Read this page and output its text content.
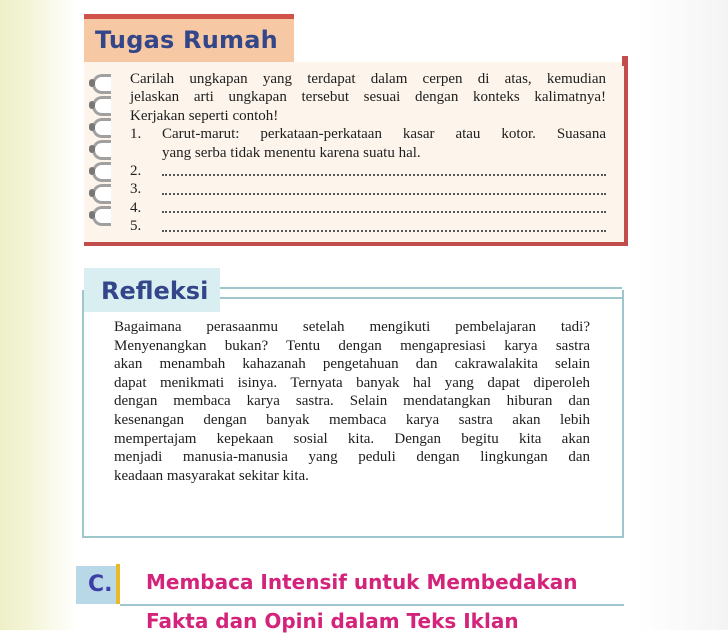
Tugas Rumah

Carilah ungkapan yang terdapat dalam cerpen di atas, kemudian

jelaskan arti ungkapan tersebut sesuai dengan konteks kalimatnya!

Kerjakan seperti contoh!

1.	Carut-marut: perkataan-perkataan kasar atau kotor. Suasana

yang serba tidak menentu karena suatu hal.

2.
3.
4.
5.
Refleksi

Bagaimana perasaanmu setelah mengikuti pembelajaran tadi?

Menyenangkan bukan? Tentu dengan mengapresiasi karya sastra

akan menambah kahazanah pengetahuan dan cakrawalakita selain

dapat menikmati isinya. Ternyata banyak hal yang dapat diperoleh

dengan membaca karya sastra. Selain mendatangkan hiburan dan

kesenangan dengan banyak membaca karya sastra akan lebih

mempertajam kepekaan sosial kita. Dengan begitu kita akan

menjadi manusia-manusia yang peduli dengan lingkungan dan

keadaan masyarakat sekitar kita.

C. Membaca Intensif untuk Membedakan
Fakta dan Opini dalam Teks Iklan
